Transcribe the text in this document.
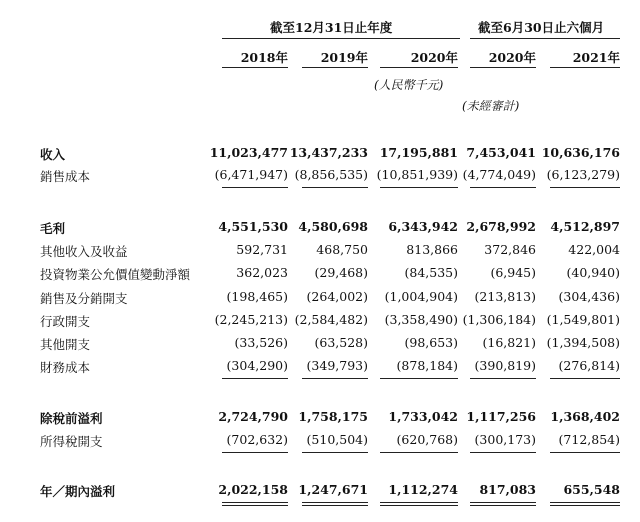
截至12月31日止年度	截至6月30日止六個月
2018年	2019年	2020年	2020年	2021年
(人民幣千元)
(未經審計)
收入	11,023,477 13,437,233 17,195,881 7,453,041 10,636,176
銷售成本	(6,471,947) (8,856,535) (10,851,939) (4,774,049) (6,123,279)
毛利	4,551,530 4,580,698	6,343,942 2,678,992	4,512,897
其他收入及收益	592,731	468,750	813,866	372,846	422,004
投資物業公允價值變動淨額	362,023	(29,468)	(84,535)	(6,945)	(40,940)
銷售及分銷開支	(198,465)	(264,002)	(1,004,904)	(213,813)	(304,436)
行政開支	(2,245,213) (2,584,482)	(3,358,490) (1,306,184) (1,549,801)
其他開支	(33,526)	(63,528)	(98,653)	(16,821) (1,394,508)
財務成本	(304,290)	(349,793)	(878,184)	(390,819)	(276,814)
除稅前溢利	2,724,790 1,758,175	1,733,042 1,117,256	1,368,402
所得稅開支	(702,632)	(510,504)	(620,768)	(300,173)	(712,854)
年／期內溢利	2,022,158 1,247,671	1,112,274	817,083	655,548
